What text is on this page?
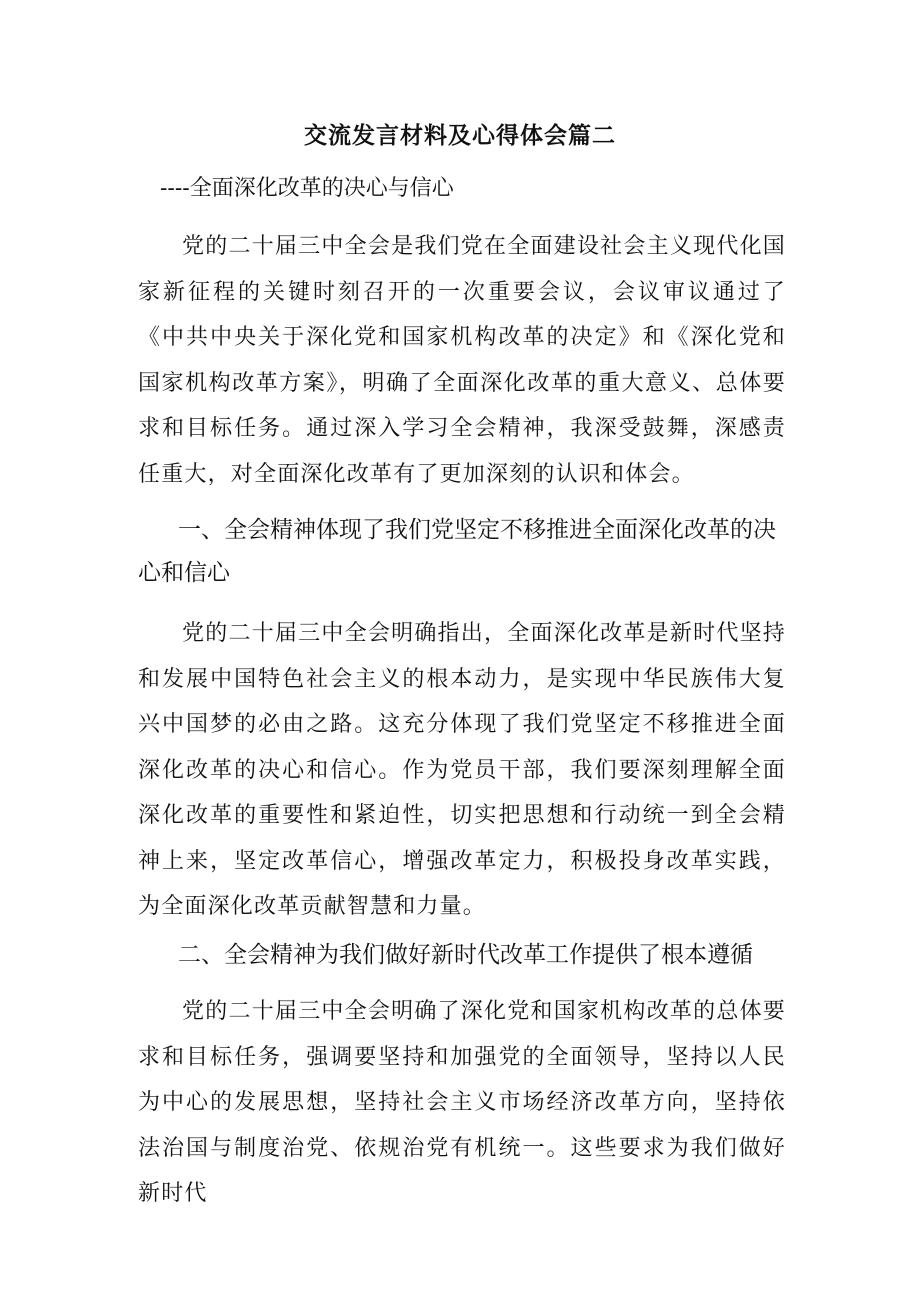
交流发言材料及心得体会篇二
----全面深化改革的决心与信心

党的二十届三中全会是我们党在全面建设社会主义现代化国家新征程的关键时刻召开的一次重要会议，会议审议通过了《中共中央关于深化党和国家机构改革的决定》和《深化党和国家机构改革方案》，明确了全面深化改革的重大意义、总体要求和目标任务。通过深入学习全会精神，我深受鼓舞，深感责任重大，对全面深化改革有了更加深刻的认识和体会。

一、全会精神体现了我们党坚定不移推进全面深化改革的决心和信心

党的二十届三中全会明确指出，全面深化改革是新时代坚持和发展中国特色社会主义的根本动力，是实现中华民族伟大复兴中国梦的必由之路。这充分体现了我们党坚定不移推进全面深化改革的决心和信心。作为党员干部，我们要深刻理解全面深化改革的重要性和紧迫性，切实把思想和行动统一到全会精神上来，坚定改革信心，增强改革定力，积极投身改革实践，为全面深化改革贡献智慧和力量。

二、全会精神为我们做好新时代改革工作提供了根本遵循

党的二十届三中全会明确了深化党和国家机构改革的总体要求和目标任务，强调要坚持和加强党的全面领导，坚持以人民为中心的发展思想，坚持社会主义市场经济改革方向，坚持依法治国与制度治党、依规治党有机统一。这些要求为我们做好新时代
